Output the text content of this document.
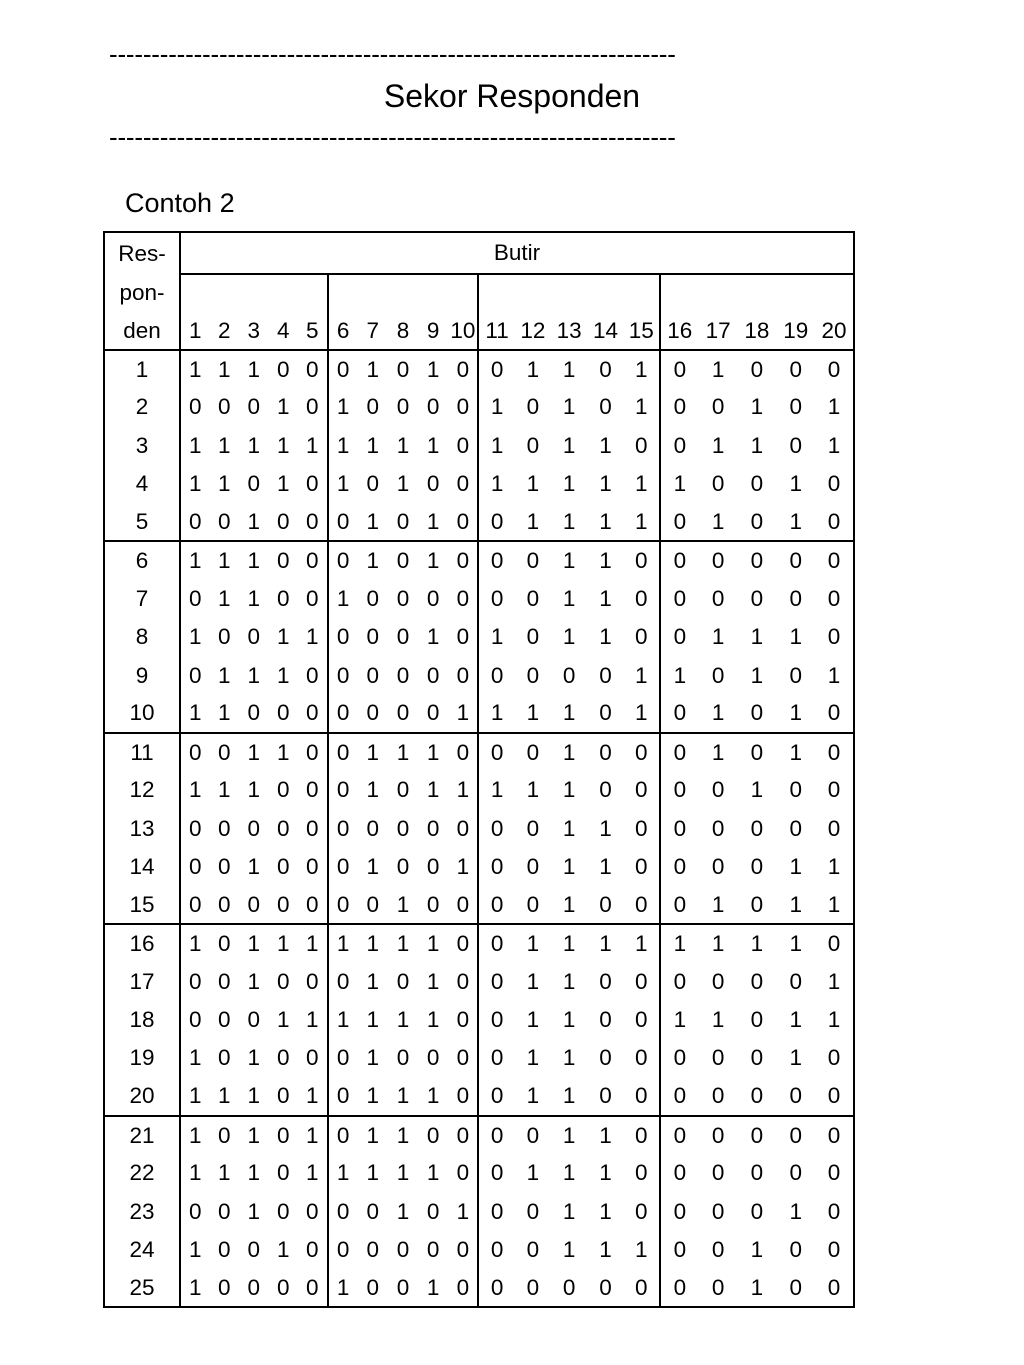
-------------------------------------------------------------------
Sekor Responden
-------------------------------------------------------------------
Contoh 2
Res-	Butir																			
pon-																				
den	1	2	3	4	5	6	7	8	9	10	11	12	13	14	15	16	17	18	19	20
1	1	1	1	0	0	0	1	0	1	0	0	1	1	0	1	0	1	0	0	0
2	0	0	0	1	0	1	0	0	0	0	1	0	1	0	1	0	0	1	0	1
3	1	1	1	1	1	1	1	1	1	0	1	0	1	1	0	0	1	1	0	1
4	1	1	0	1	0	1	0	1	0	0	1	1	1	1	1	1	0	0	1	0
5	0	0	1	0	0	0	1	0	1	0	0	1	1	1	1	0	1	0	1	0
6	1	1	1	0	0	0	1	0	1	0	0	0	1	1	0	0	0	0	0	0
7	0	1	1	0	0	1	0	0	0	0	0	0	1	1	0	0	0	0	0	0
8	1	0	0	1	1	0	0	0	1	0	1	0	1	1	0	0	1	1	1	0
9	0	1	1	1	0	0	0	0	0	0	0	0	0	0	1	1	0	1	0	1
10	1	1	0	0	0	0	0	0	0	1	1	1	1	0	1	0	1	0	1	0
11	0	0	1	1	0	0	1	1	1	0	0	0	1	0	0	0	1	0	1	0
12	1	1	1	0	0	0	1	0	1	1	1	1	1	0	0	0	0	1	0	0
13	0	0	0	0	0	0	0	0	0	0	0	0	1	1	0	0	0	0	0	0
14	0	0	1	0	0	0	1	0	0	1	0	0	1	1	0	0	0	0	1	1
15	0	0	0	0	0	0	0	1	0	0	0	0	1	0	0	0	1	0	1	1
16	1	0	1	1	1	1	1	1	1	0	0	1	1	1	1	1	1	1	1	0
17	0	0	1	0	0	0	1	0	1	0	0	1	1	0	0	0	0	0	0	1
18	0	0	0	1	1	1	1	1	1	0	0	1	1	0	0	1	1	0	1	1
19	1	0	1	0	0	0	1	0	0	0	0	1	1	0	0	0	0	0	1	0
20	1	1	1	0	1	0	1	1	1	0	0	1	1	0	0	0	0	0	0	0
21	1	0	1	0	1	0	1	1	0	0	0	0	1	1	0	0	0	0	0	0
22	1	1	1	0	1	1	1	1	1	0	0	1	1	1	0	0	0	0	0	0
23	0	0	1	0	0	0	0	1	0	1	0	0	1	1	0	0	0	0	1	0
24	1	0	0	1	0	0	0	0	0	0	0	0	1	1	1	0	0	1	0	0
25	1	0	0	0	0	1	0	0	1	0	0	0	0	0	0	0	0	1	0	0
